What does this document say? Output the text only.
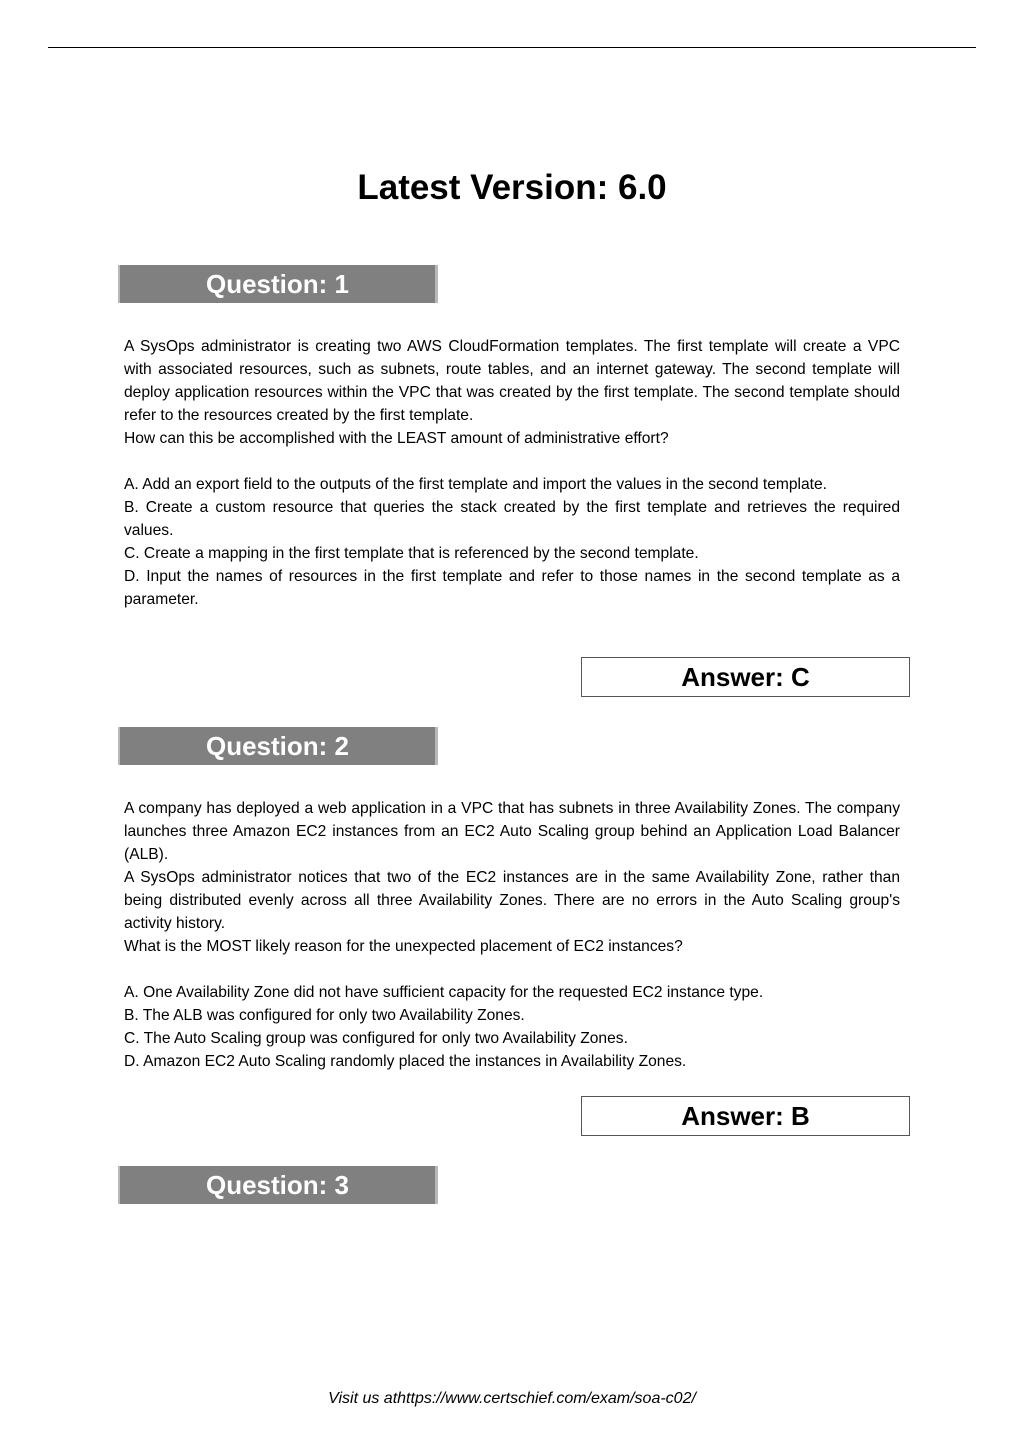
Latest Version: 6.0
Question: 1

A SysOps administrator is creating two AWS CloudFormation templates. The first template will create a VPC with associated resources, such as subnets, route tables, and an internet gateway. The second template will deploy application resources within the VPC that was created by the first template. The second template should refer to the resources created by the first template.

How can this be accomplished with the LEAST amount of administrative effort?

A. Add an export field to the outputs of the first template and import the values in the second template.

B. Create a custom resource that queries the stack created by the first template and retrieves the required values.

C. Create a mapping in the first template that is referenced by the second template.

D. Input the names of resources in the first template and refer to those names in the second template as a parameter.

Answer: C
Question: 2

A company has deployed a web application in a VPC that has subnets in three Availability Zones. The company launches three Amazon EC2 instances from an EC2 Auto Scaling group behind an Application Load Balancer (ALB).

A SysOps administrator notices that two of the EC2 instances are in the same Availability Zone, rather than being distributed evenly across all three Availability Zones. There are no errors in the Auto Scaling group's activity history.

What is the MOST likely reason for the unexpected placement of EC2 instances?

A. One Availability Zone did not have sufficient capacity for the requested EC2 instance type.

B. The ALB was configured for only two Availability Zones.

C. The Auto Scaling group was configured for only two Availability Zones.

D. Amazon EC2 Auto Scaling randomly placed the instances in Availability Zones.

Answer: B
Question: 3
Visit us athttps://www.certschief.com/exam/soa-c02/
